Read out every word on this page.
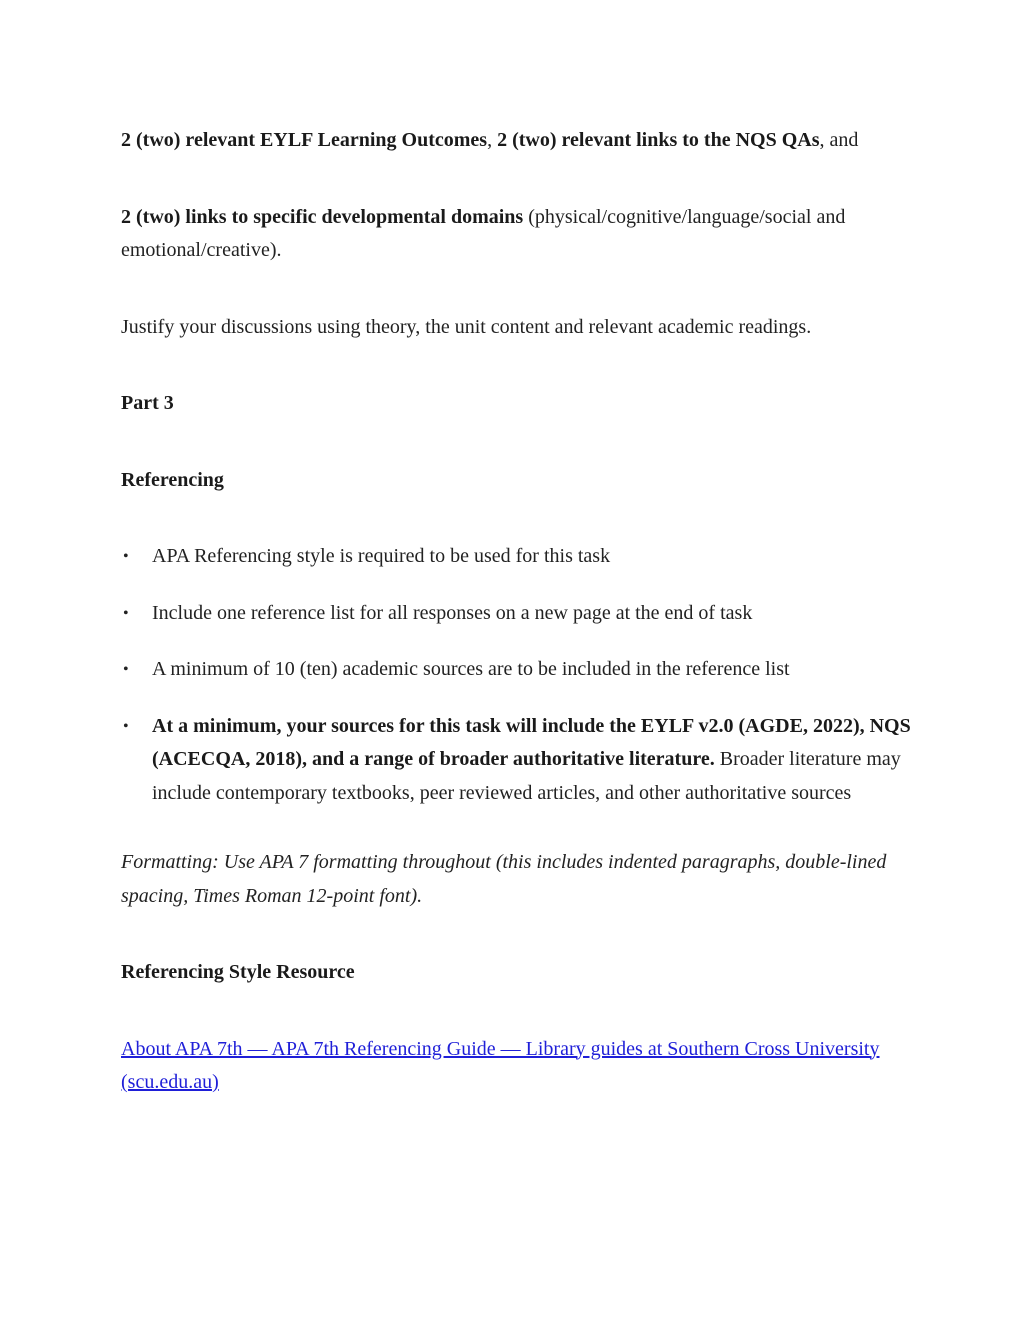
2 (two) relevant EYLF Learning Outcomes, 2 (two) relevant links to the NQS QAs, and

2 (two) links to specific developmental domains (physical/cognitive/language/social and emotional/creative).

Justify your discussions using theory, the unit content and relevant academic readings.

Part 3

Referencing

• APA Referencing style is required to be used for this task
• Include one reference list for all responses on a new page at the end of task
• A minimum of 10 (ten) academic sources are to be included in the reference list
• At a minimum, your sources for this task will include the EYLF v2.0 (AGDE, 2022), NQS (ACECQA, 2018), and a range of broader authoritative literature. Broader literature may include contemporary textbooks, peer reviewed articles, and other authoritative sources

Formatting: Use APA 7 formatting throughout (this includes indented paragraphs, double-lined spacing, Times Roman 12-point font).

Referencing Style Resource

About APA 7th — APA 7th Referencing Guide — Library guides at Southern Cross University (scu.edu.au)
